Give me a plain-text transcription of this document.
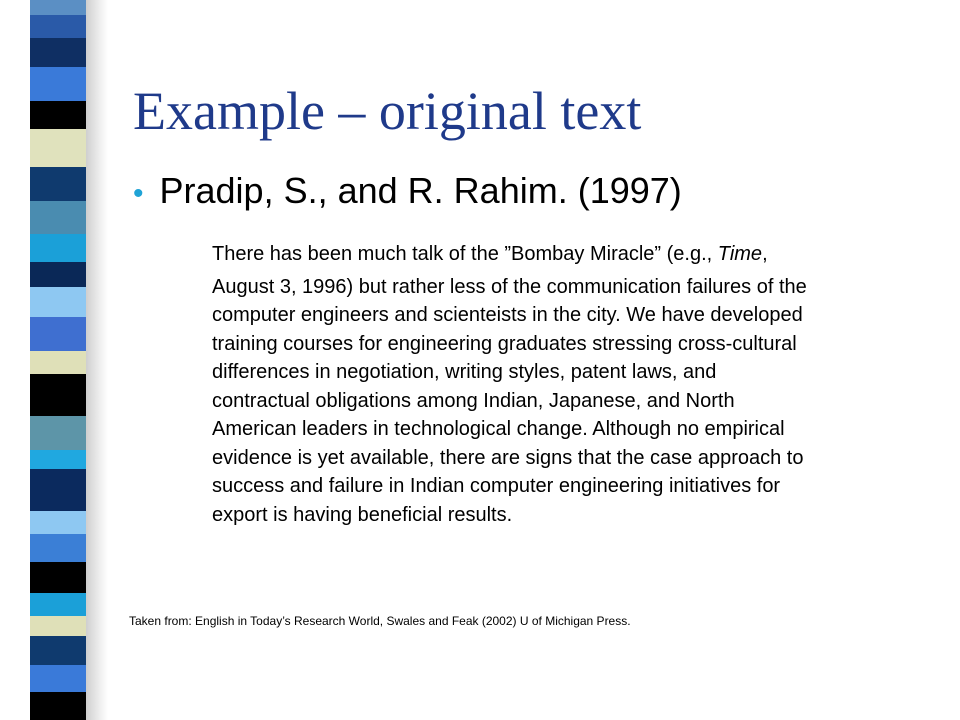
Example – original text
• Pradip, S., and R. Rahim. (1997)
There has been much talk of the ”Bombay Miracle” (e.g., Time,
August 3, 1996) but rather less of the communication failures of the
computer engineers and scienteists in the city. We have developed
training courses for engineering graduates stressing cross-cultural
differences in negotiation, writing styles, patent laws, and
contractual obligations among Indian, Japanese, and North
American leaders in technological change. Although no empirical
evidence is yet available, there are signs that the case approach to
success and failure in Indian computer engineering initiatives for
export is having beneficial results.

Taken from: English in Today’s Research World, Swales and Feak (2002) U of Michigan Press.
